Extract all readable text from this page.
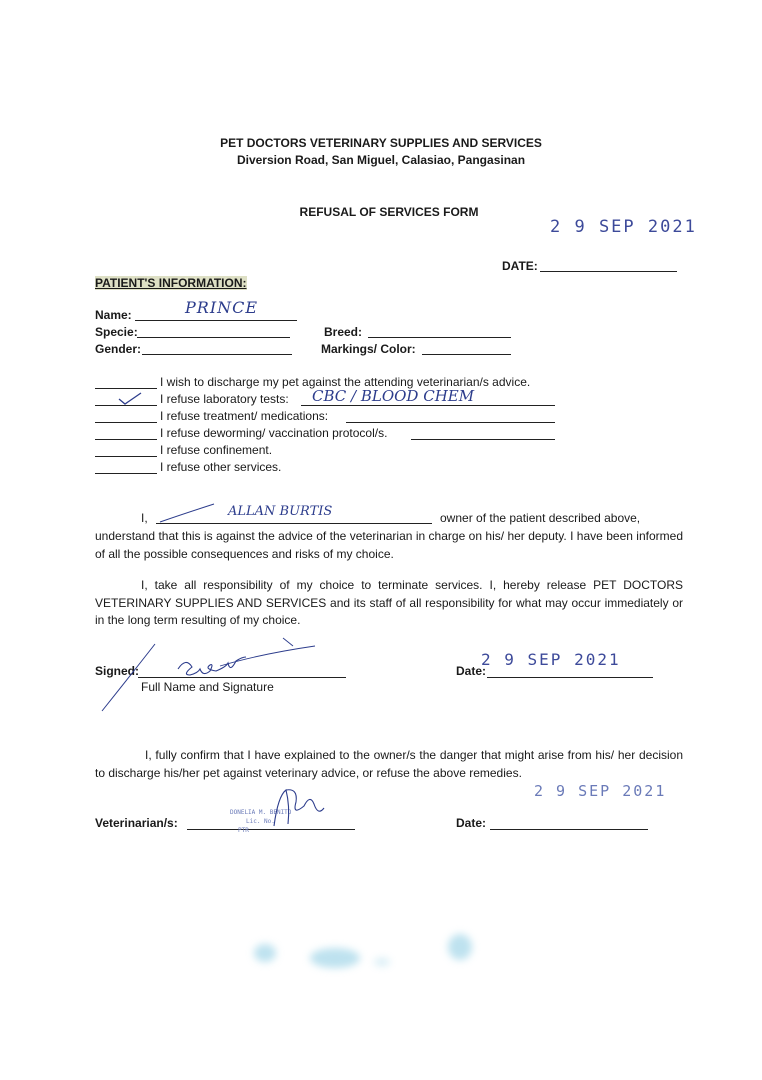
PET DOCTORS VETERINARY SUPPLIES AND SERVICES
Diversion Road, San Miguel, Calasiao, Pangasinan
REFUSAL OF SERVICES FORM
2 9 SEP 2021
DATE:
PATIENT'S INFORMATION:
Name:	PRINCE
Specie:	Breed:
Gender:	Markings/ Color:
I wish to discharge my pet against the attending veterinarian/s advice.
I refuse laboratory tests: CBC / BLOOD CHEM
I refuse treatment/ medications:
I refuse deworming/ vaccination protocol/s.
I refuse confinement.
I refuse other services.
I,	ALLAN BURTIS	owner of the patient described above,

understand that this is against the advice of the veterinarian in charge on his/ her deputy. I have been informed of all the possible consequences and risks of my choice.

I, take all responsibility of my choice to terminate services. I, hereby release PET DOCTORS VETERINARY SUPPLIES AND SERVICES and its staff of all responsibility for what may occur immediately or in the long term resulting of my choice.

Signed:
Full Name and Signature
Date:
2 9 SEP 2021

I, fully confirm that I have explained to the owner/s the danger that might arise from his/ her decision to discharge his/her pet against veterinary advice, or refuse the above remedies.

2 9 SEP 2021
Veterinarian/s:
DONELIA M. BENITO
Lic. No.
PTR
Date:
